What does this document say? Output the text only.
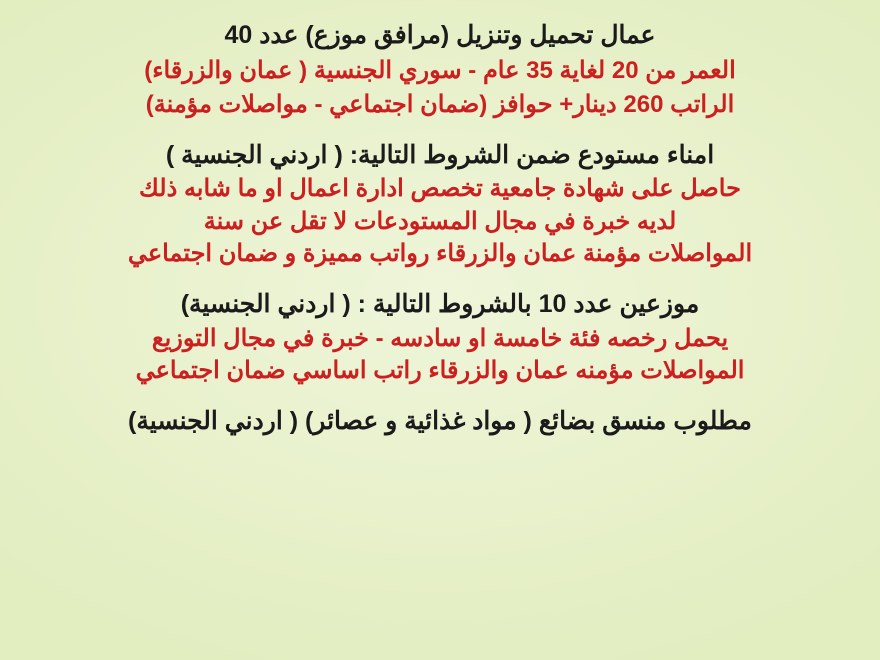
عمال تحميل وتنزيل (مرافق موزع) عدد 40
العمر من 20 لغاية 35 عام - سوري الجنسية ( عمان والزرقاء)
الراتب 260 دينار+ حوافز (ضمان اجتماعي - مواصلات مؤمنة)
امناء مستودع ضمن الشروط التالية: ( اردني الجنسية )
حاصل على شهادة جامعية تخصص ادارة اعمال او ما شابه ذلك
لديه خبرة في مجال المستودعات لا تقل عن سنة
المواصلات مؤمنة عمان والزرقاء رواتب مميزة و ضمان اجتماعي
موزعين عدد 10 بالشروط التالية : ( اردني الجنسية)
يحمل رخصه فئة خامسة او سادسه - خبرة في مجال التوزيع
المواصلات مؤمنه عمان والزرقاء راتب اساسي ضمان اجتماعي
مطلوب منسق بضائع ( مواد غذائية و عصائر) ( اردني الجنسية)
